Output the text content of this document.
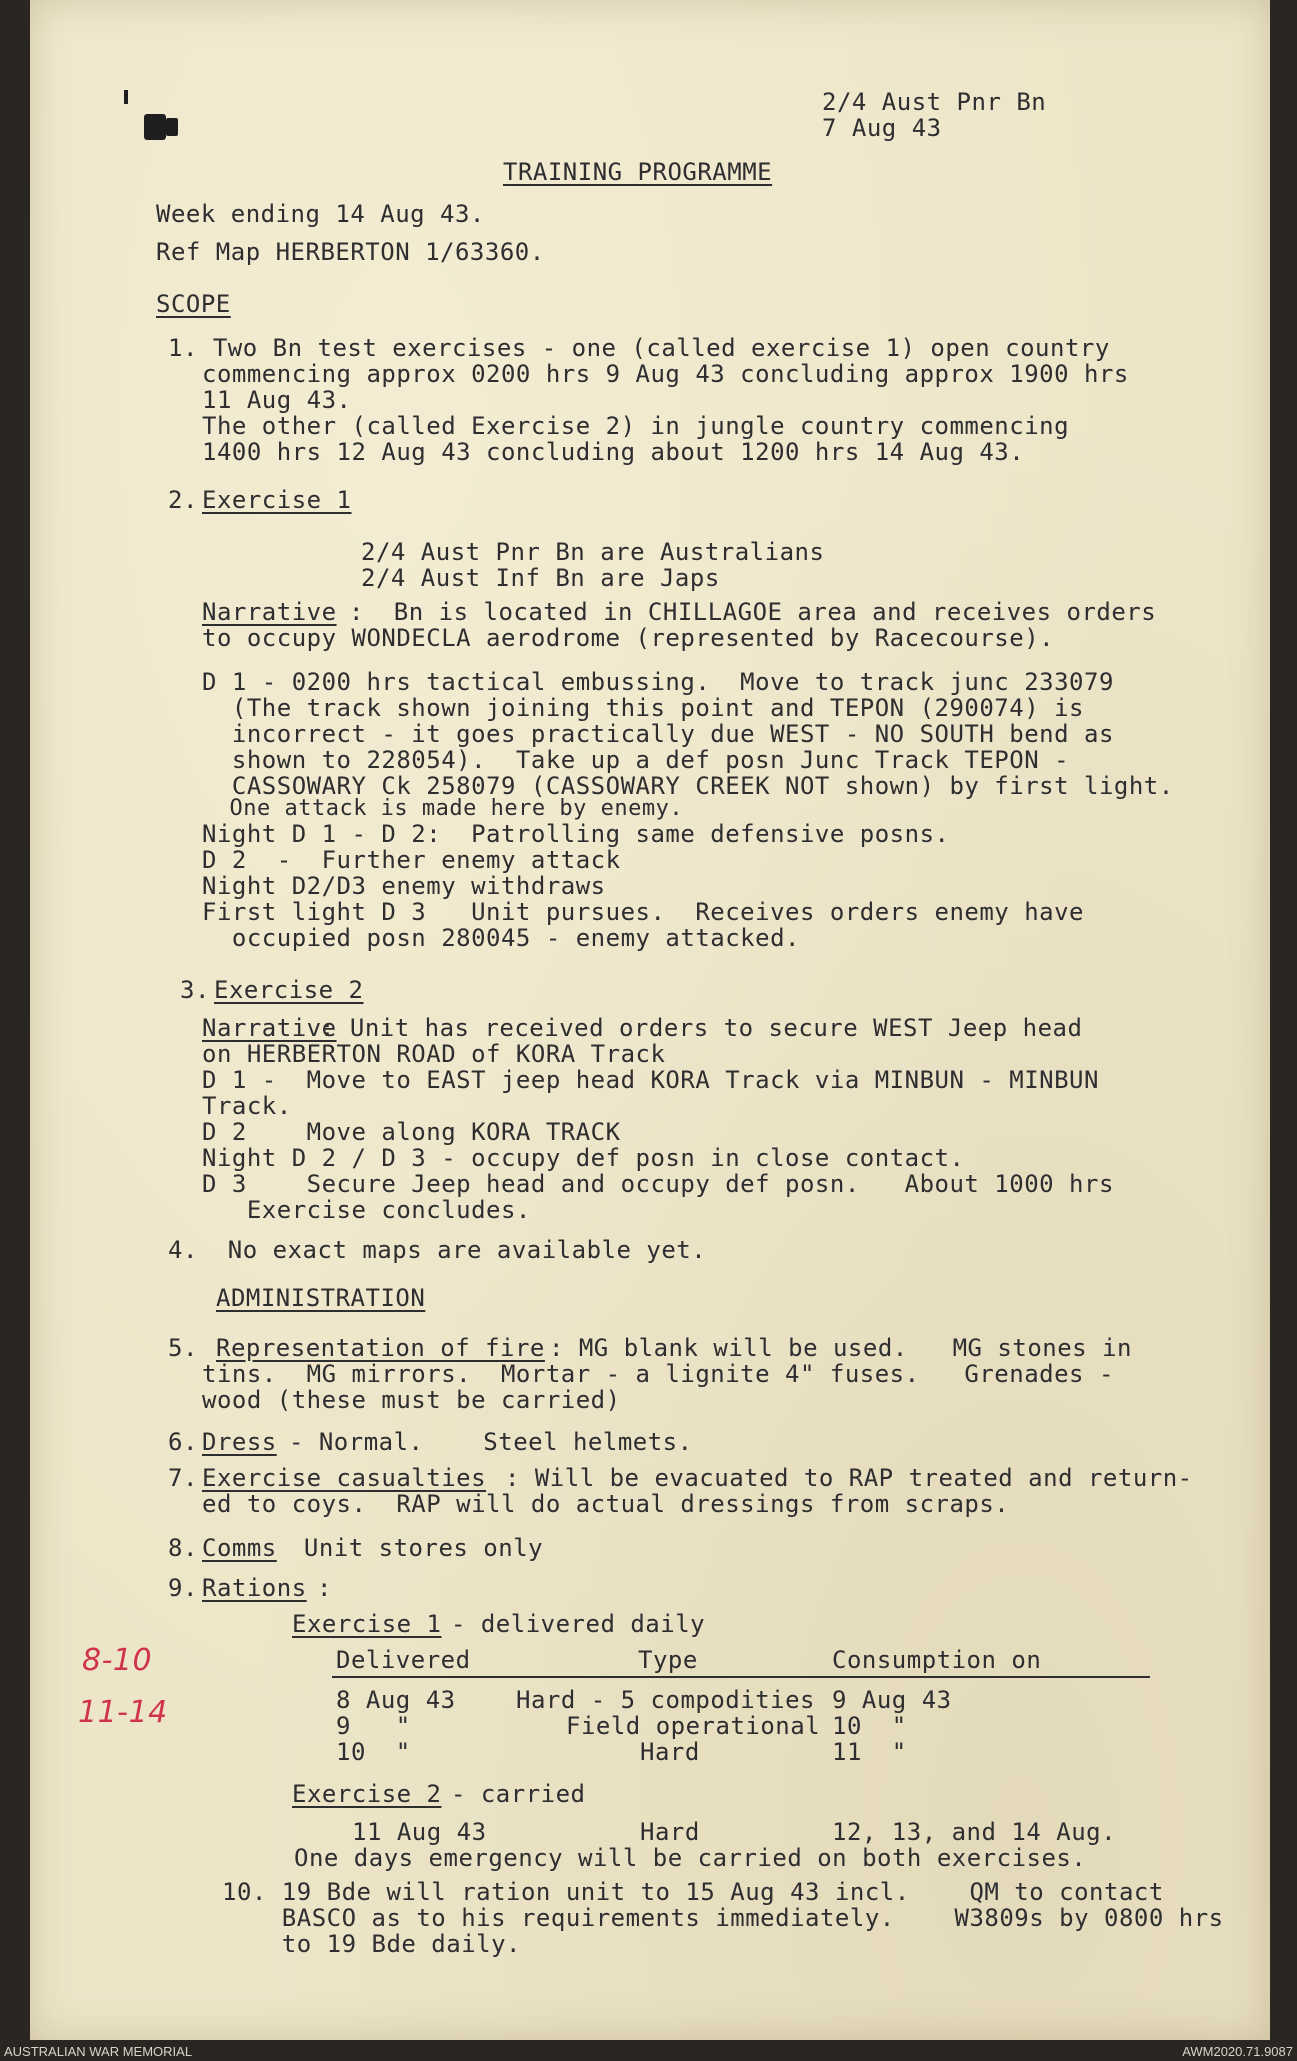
2/4 Aust Pnr Bn
7 Aug 43
TRAINING PROGRAMME
Week ending 14 Aug 43.
Ref Map HERBERTON 1/63360.
SCOPE
1. Two Bn test exercises - one (called exercise 1) open country
commencing approx 0200 hrs 9 Aug 43 concluding approx 1900 hrs
11 Aug 43.
The other (called Exercise 2) in jungle country commencing
1400 hrs 12 Aug 43 concluding about 1200 hrs 14 Aug 43.
2. Exercise 1
2/4 Aust Pnr Bn are Australians
2/4 Aust Inf Bn are Japs
Narrative
:  Bn is located in CHILLAGOE area and receives orders
to occupy WONDECLA aerodrome (represented by Racecourse).
D 1 - 0200 hrs tactical embussing.  Move to track junc 233079
(The track shown joining this point and TEPON (290074) is
incorrect - it goes practically due WEST - NO SOUTH bend as
shown to 228054).  Take up a def posn Junc Track TEPON -
CASSOWARY Ck 258079 (CASSOWARY CREEK NOT shown) by first light.
One attack is made here by enemy.
Night D 1 - D 2:  Patrolling same defensive posns.
D 2  -  Further enemy attack
Night D2/D3 enemy withdraws
First light D 3   Unit pursues.  Receives orders enemy have
occupied posn 280045 - enemy attacked.
3. Exercise 2
Narrative
: Unit has received orders to secure WEST Jeep head
on HERBERTON ROAD of KORA Track
D 1 -  Move to EAST jeep head KORA Track via MINBUN - MINBUN
Track.
D 2    Move along KORA TRACK
Night D 2 / D 3 - occupy def posn in close contact.
D 3    Secure Jeep head and occupy def posn.   About 1000 hrs
Exercise concludes.
4.  No exact maps are available yet.
ADMINISTRATION
5. Representation of fire
: MG blank will be used.   MG stones in
tins.  MG mirrors.  Mortar - a lignite 4" fuses.   Grenades -
wood (these must be carried)
6. Dress
- Normal.    Steel helmets.
7. Exercise casualties : Will be evacuated to RAP treated and return-
ed to coys.  RAP will do actual dressings from scraps.
8. Comms
Unit stores only
9. Rations
:
Exercise 1
- delivered daily
Delivered	Type	Consumption on
8 Aug 43	Hard - 5 compodities 9 Aug 43
9   "	Field operational 10  "
10  "	Hard	11  "
Exercise 2
- carried
11 Aug 43	Hard	12, 13, and 14 Aug.
One days emergency will be carried on both exercises.
10. 19 Bde will ration unit to 15 Aug 43 incl.    QM to contact
BASCO as to his requirements immediately.    W3809s by 0800 hrs
to 19 Bde daily.
8-10
11-14
AUSTRALIAN WAR MEMORIAL	AWM2020.71.9087
